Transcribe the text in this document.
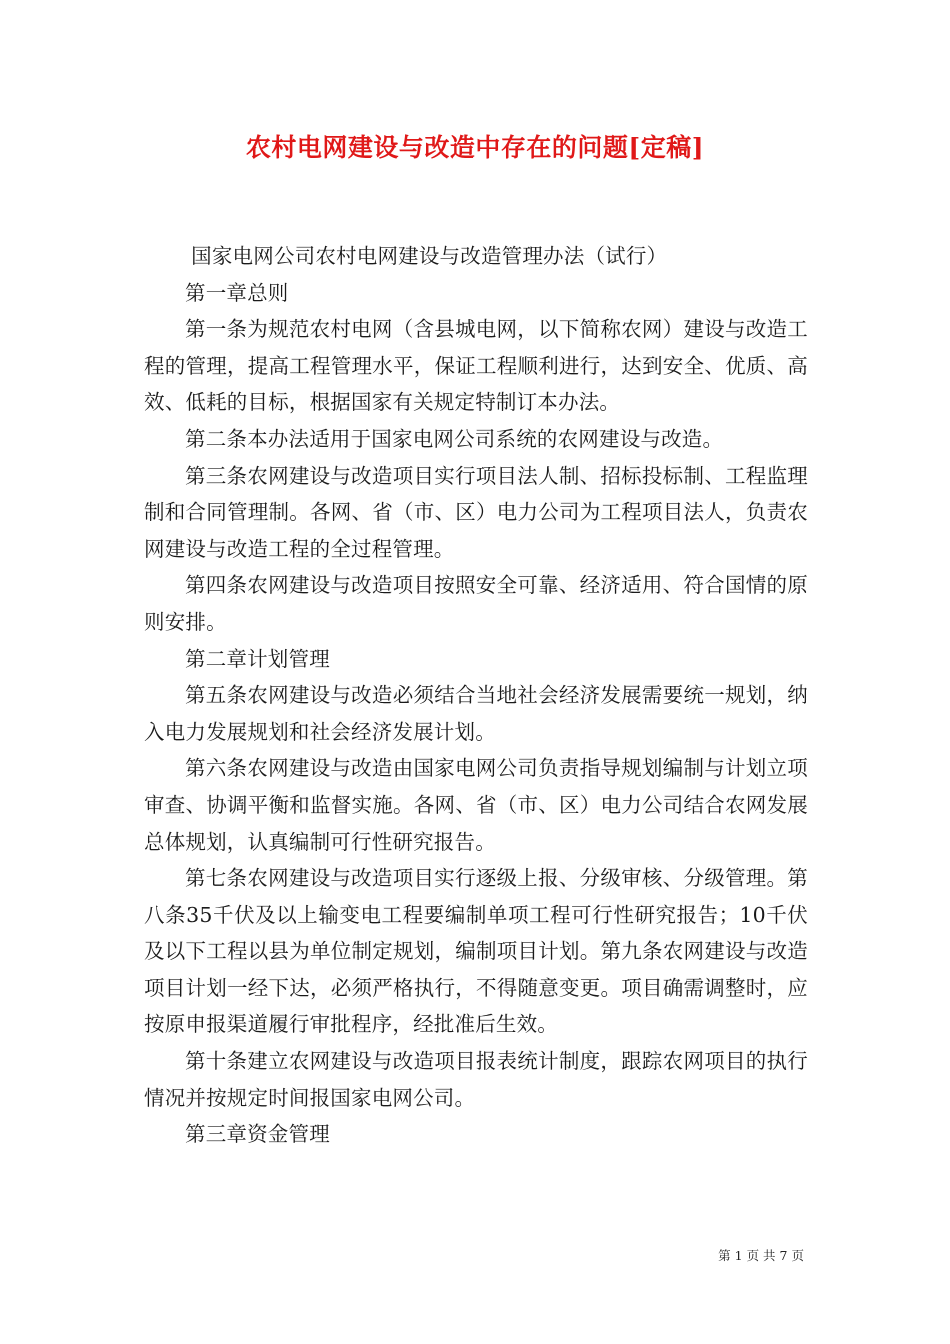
农村电网建设与改造中存在的问题[定稿]

国家电网公司农村电网建设与改造管理办法（试行）

第一章总则

第一条为规范农村电网（含县城电网，以下简称农网）建设与改造工程的管理，提高工程管理水平，保证工程顺利进行，达到安全、优质、高效、低耗的目标，根据国家有关规定特制订本办法。

第二条本办法适用于国家电网公司系统的农网建设与改造。

第三条农网建设与改造项目实行项目法人制、招标投标制、工程监理制和合同管理制。各网、省（市、区）电力公司为工程项目法人，负责农网建设与改造工程的全过程管理。

第四条农网建设与改造项目按照安全可靠、经济适用、符合国情的原则安排。

第二章计划管理

第五条农网建设与改造必须结合当地社会经济发展需要统一规划，纳入电力发展规划和社会经济发展计划。

第六条农网建设与改造由国家电网公司负责指导规划编制与计划立项审查、协调平衡和监督实施。各网、省（市、区）电力公司结合农网发展总体规划，认真编制可行性研究报告。

第七条农网建设与改造项目实行逐级上报、分级审核、分级管理。第八条35千伏及以上输变电工程要编制单项工程可行性研究报告；10千伏及以下工程以县为单位制定规划，编制项目计划。第九条农网建设与改造项目计划一经下达，必须严格执行，不得随意变更。项目确需调整时，应按原申报渠道履行审批程序，经批准后生效。

第十条建立农网建设与改造项目报表统计制度，跟踪农网项目的执行情况并按规定时间报国家电网公司。

第三章资金管理

第 1 页 共 7 页
